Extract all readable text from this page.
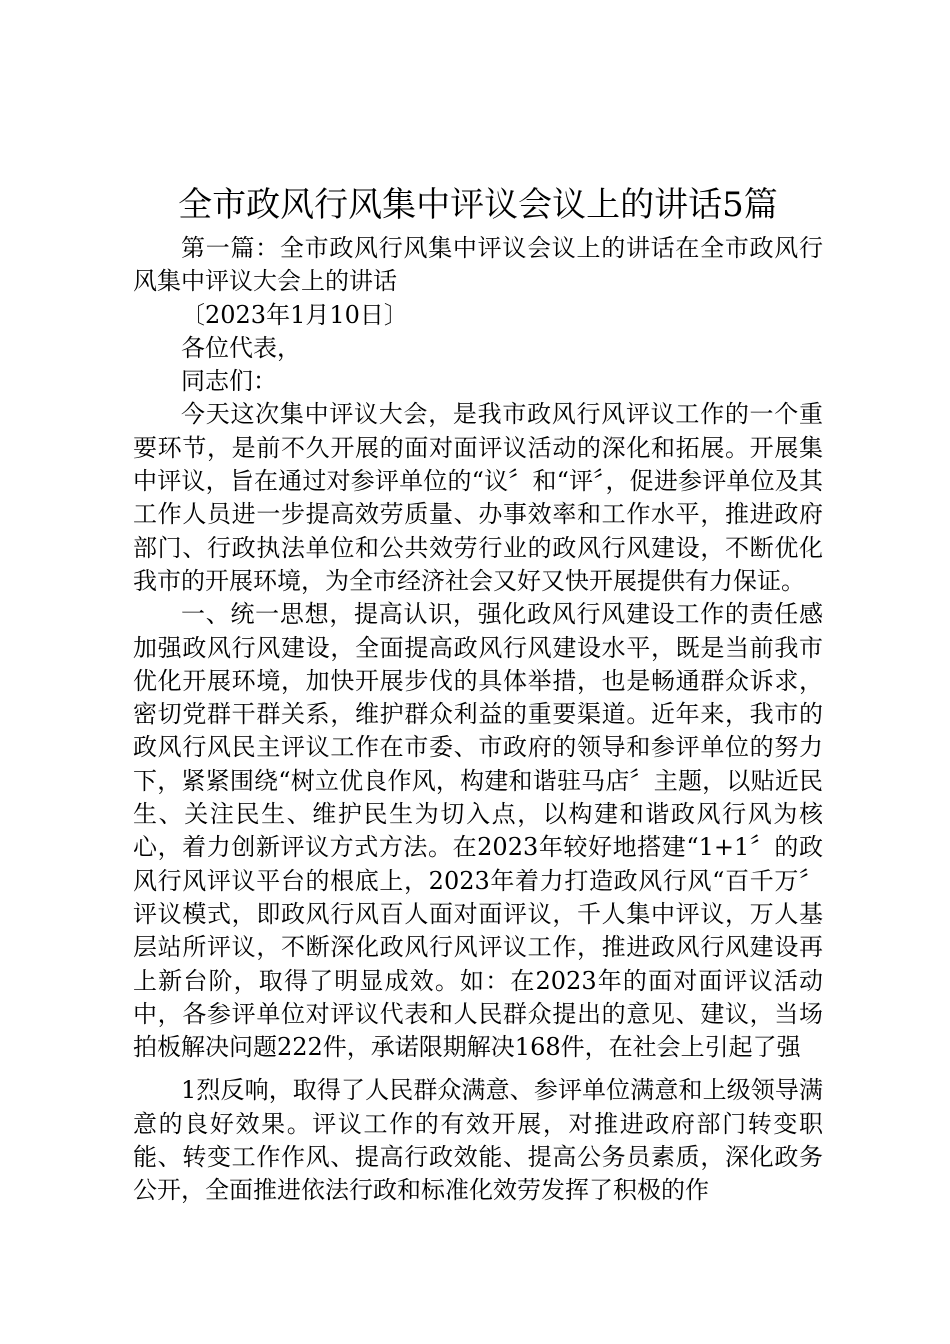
全市政风行风集中评议会议上的讲话5篇

第一篇：全市政风行风集中评议会议上的讲话在全市政风行风集中评议大会上的讲话

〔2023年1月10日〕

各位代表，

同志们：

今天这次集中评议大会，是我市政风行风评议工作的一个重要环节，是前不久开展的面对面评议活动的深化和拓展。开展集中评议，旨在通过对参评单位的“议〞和“评〞，促进参评单位及其工作人员进一步提高效劳质量、办事效率和工作水平，推进政府部门、行政执法单位和公共效劳行业的政风行风建设，不断优化我市的开展环境，为全市经济社会又好又快开展提供有力保证。

一、统一思想，提高认识，强化政风行风建设工作的责任感加强政风行风建设，全面提高政风行风建设水平，既是当前我市优化开展环境，加快开展步伐的具体举措，也是畅通群众诉求，密切党群干群关系，维护群众利益的重要渠道。近年来，我市的政风行风民主评议工作在市委、市政府的领导和参评单位的努力下，紧紧围绕“树立优良作风，构建和谐驻马店〞主题，以贴近民生、关注民生、维护民生为切入点，以构建和谐政风行风为核心，着力创新评议方式方法。在2023年较好地搭建“1+1〞的政风行风评议平台的根底上，2023年着力打造政风行风“百千万〞评议模式，即政风行风百人面对面评议，千人集中评议，万人基层站所评议，不断深化政风行风评议工作，推进政风行风建设再上新台阶，取得了明显成效。如：在2023年的面对面评议活动中，各参评单位对评议代表和人民群众提出的意见、建议，当场拍板解决问题222件，承诺限期解决168件，在社会上引起了强

1烈反响，取得了人民群众满意、参评单位满意和上级领导满意的良好效果。评议工作的有效开展，对推进政府部门转变职能、转变工作作风、提高行政效能、提高公务员素质，深化政务公开，全面推进依法行政和标准化效劳发挥了积极的作
